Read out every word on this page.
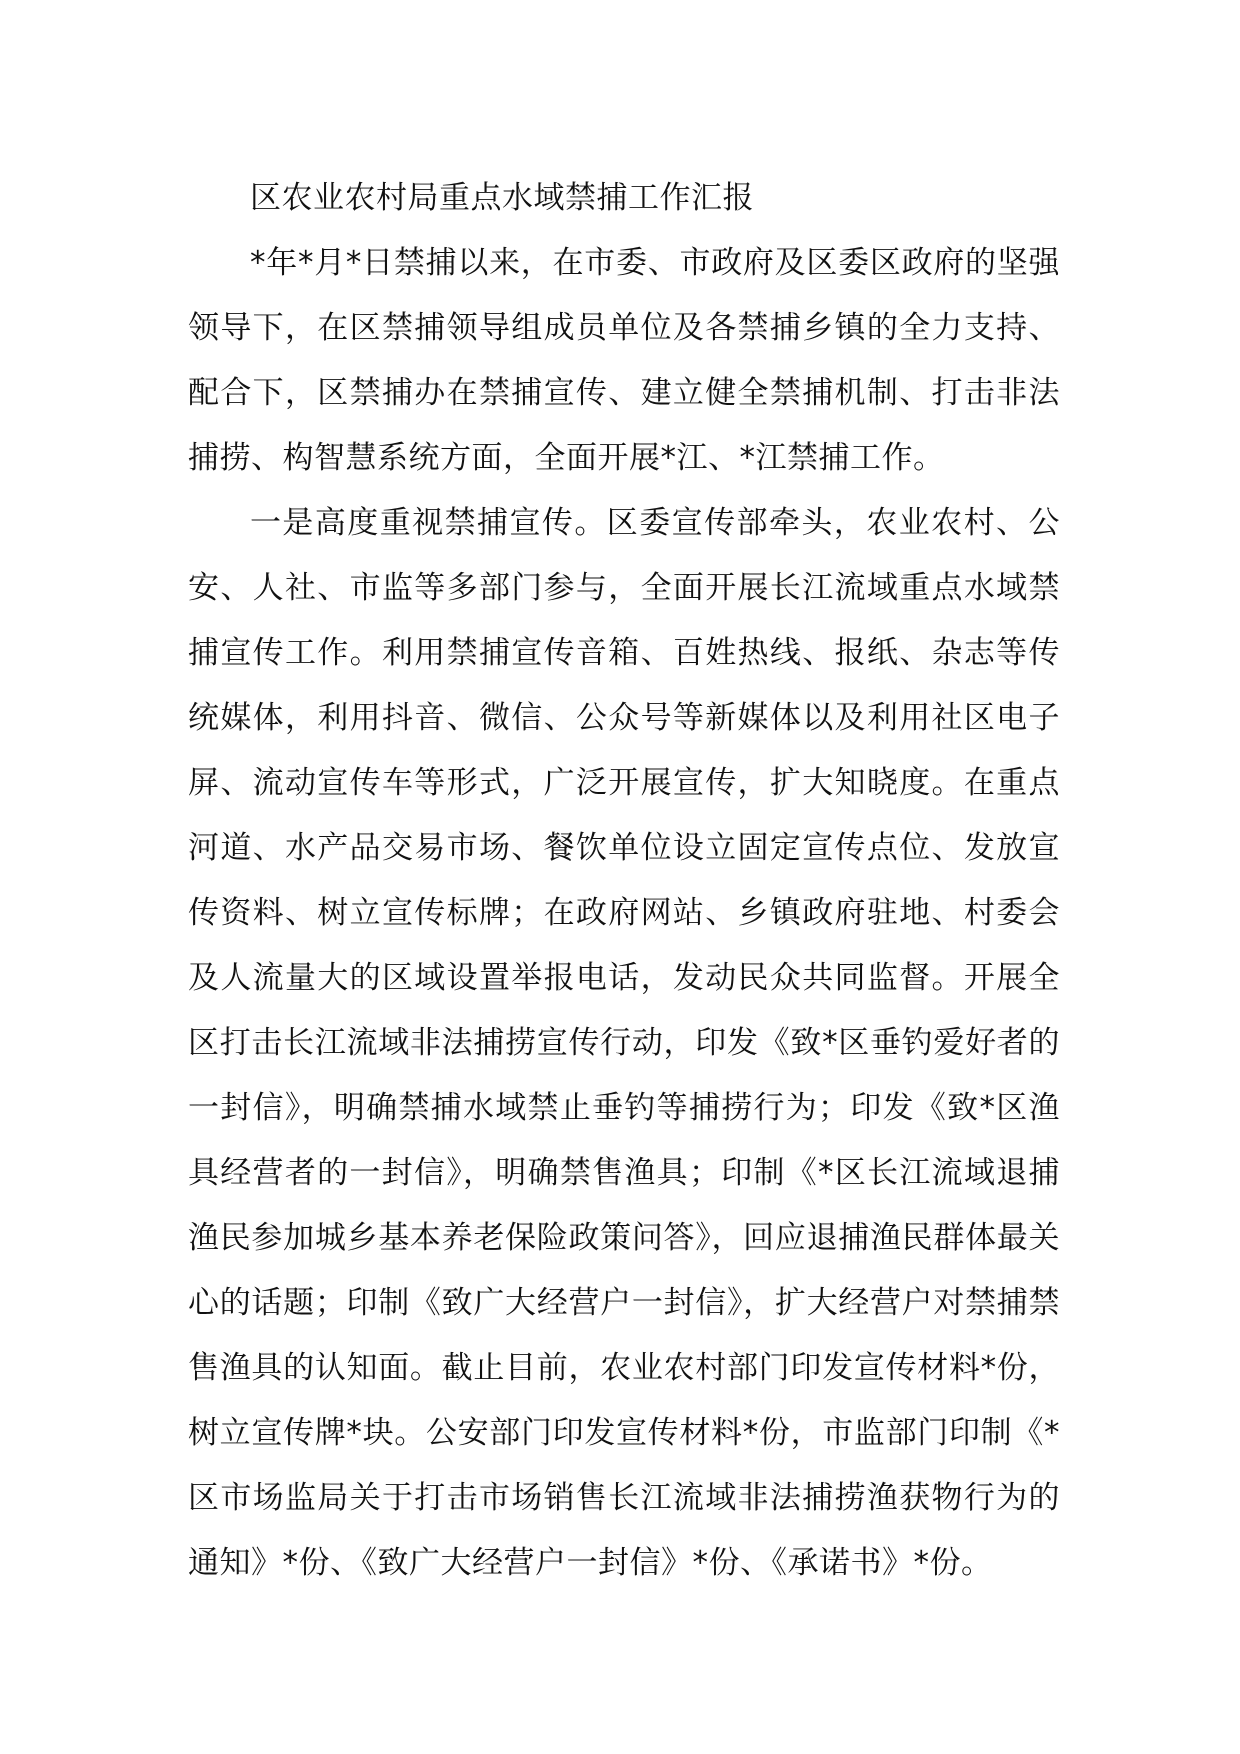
区农业农村局重点水域禁捕工作汇报

*年*月*日禁捕以来，在市委、市政府及区委区政府的坚强领导下，在区禁捕领导组成员单位及各禁捕乡镇的全力支持、配合下，区禁捕办在禁捕宣传、建立健全禁捕机制、打击非法捕捞、构智慧系统方面，全面开展*江、*江禁捕工作。

一是高度重视禁捕宣传。区委宣传部牵头，农业农村、公安、人社、市监等多部门参与，全面开展长江流域重点水域禁捕宣传工作。利用禁捕宣传音箱、百姓热线、报纸、杂志等传统媒体，利用抖音、微信、公众号等新媒体以及利用社区电子屏、流动宣传车等形式，广泛开展宣传，扩大知晓度。在重点河道、水产品交易市场、餐饮单位设立固定宣传点位、发放宣传资料、树立宣传标牌；在政府网站、乡镇政府驻地、村委会及人流量大的区域设置举报电话，发动民众共同监督。开展全区打击长江流域非法捕捞宣传行动，印发《致*区垂钓爱好者的一封信》，明确禁捕水域禁止垂钓等捕捞行为；印发《致*区渔具经营者的一封信》，明确禁售渔具；印制《*区长江流域退捕渔民参加城乡基本养老保险政策问答》，回应退捕渔民群体最关心的话题；印制《致广大经营户一封信》，扩大经营户对禁捕禁售渔具的认知面。截止目前，农业农村部门印发宣传材料*份，树立宣传牌*块。公安部门印发宣传材料*份，市监部门印制《*区市场监局关于打击市场销售长江流域非法捕捞渔获物行为的通知》*份、《致广大经营户一封信》*份、《承诺书》*份。
